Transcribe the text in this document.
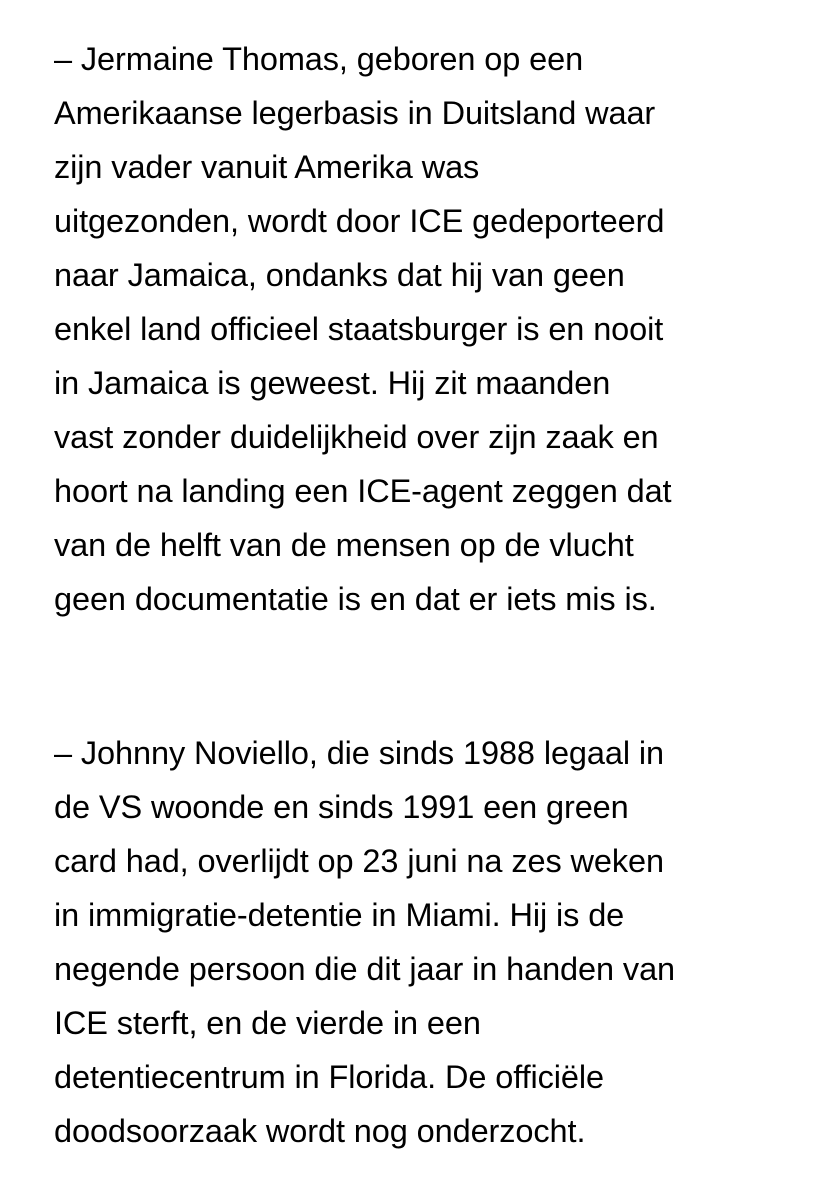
– Jermaine Thomas, geboren op een
Amerikaanse legerbasis in Duitsland waar
zijn vader vanuit Amerika was
uitgezonden, wordt door ICE gedeporteerd
naar Jamaica, ondanks dat hij van geen
enkel land officieel staatsburger is en nooit
in Jamaica is geweest. Hij zit maanden
vast zonder duidelijkheid over zijn zaak en
hoort na landing een ICE-agent zeggen dat
van de helft van de mensen op de vlucht
geen documentatie is en dat er iets mis is.

– Johnny Noviello, die sinds 1988 legaal in
de VS woonde en sinds 1991 een green
card had, overlijdt op 23 juni na zes weken
in immigratie-detentie in Miami. Hij is de
negende persoon die dit jaar in handen van
ICE sterft, en de vierde in een
detentiecentrum in Florida. De officiële
doodsoorzaak wordt nog onderzocht.
